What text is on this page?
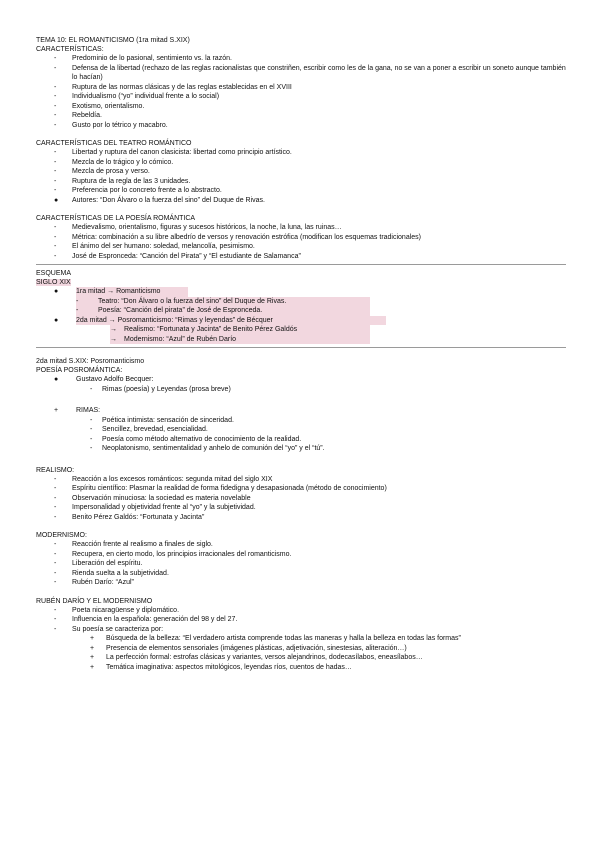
TEMA 10: EL ROMANTICISMO (1ra mitad S.XIX)
CARACTERÍSTICAS:
-	Predominio de lo pasional, sentimiento vs. la razón.
-	Defensa de la libertad (rechazo de las reglas racionalistas que constriñen, escribir como les de la gana, no se van a poner a escribir un soneto aunque también lo hacían)
-	Ruptura de las normas clásicas y de las reglas establecidas en el XVIII
-	Individualismo (“yo” individual frente a lo social)
-	Exotismo, orientalismo.
-	Rebeldía.
-	Gusto por lo tétrico y macabro.
CARACTERÍSTICAS DEL TEATRO ROMÁNTICO
-	Libertad y ruptura del canon clasicista: libertad como principio artístico.
-	Mezcla de lo trágico y lo cómico.
-	Mezcla de prosa y verso.
-	Ruptura de la regla de las 3 unidades.
-	Preferencia por lo concreto frente a lo abstracto.
●	Autores: “Don Álvaro o la fuerza del sino” del Duque de Rivas.
CARACTERÍSTICAS DE LA POESÍA ROMÁNTICA
-	Medievalismo, orientalismo, figuras y sucesos históricos, la noche, la luna, las ruinas…
-	Métrica: combinación a su libre albedrío de versos y renovación estrófica (modifican los esquemas tradicionales)
-	El ánimo del ser humano: soledad, melancolía, pesimismo.
-	José de Espronceda: “Canción del Pirata” y “El estudiante de Salamanca”
ESQUEMA
SIGLO XIX
●	1ra mitad → Romanticismo
-	Teatro: “Don Álvaro o la fuerza del sino” del Duque de Rivas.
-	Poesía: “Canción del pirata” de José de Espronceda.
●	2da mitad → Posromanticismo: “Rimas y leyendas” de Bécquer
→	Realismo: “Fortunata y Jacinta” de Benito Pérez Galdós
→	Modernismo: “Azul” de Rubén Darío
2da mitad S.XIX: Posromanticismo
POESÍA POSROMÁNTICA:
●	Gustavo Adolfo Becquer:
-	Rimas (poesía) y Leyendas (prosa breve)
+	RIMAS:
-	Poética intimista: sensación de sinceridad.
-	Sencillez, brevedad, esencialidad.
-	Poesía como método alternativo de conocimiento de la realidad.
-	Neoplatonismo, sentimentalidad y anhelo de comunión del “yo” y el “tú”.
REALISMO:
-	Reacción a los excesos románticos: segunda mitad del siglo XIX
-	Espíritu científico: Plasmar la realidad de forma fidedigna y desapasionada (método de conocimiento)
-	Observación minuciosa: la sociedad es materia novelable
-	Impersonalidad y objetividad frente al “yo” y la subjetividad.
-	Benito Pérez Galdós: “Fortunata y Jacinta”
MODERNISMO:
-	Reacción frente al realismo a finales de siglo.
-	Recupera, en cierto modo, los principios irracionales del romanticismo.
-	Liberación del espíritu.
-	Rienda suelta a la subjetividad.
-	Rubén Darío: “Azul”
RUBÉN DARÍO Y EL MODERNISMO
-	Poeta nicaragüense y diplomático.
-	Influencia en la española: generación del 98 y del 27.
-	Su poesía se caracteriza por:
+	Búsqueda de la belleza: “El verdadero artista comprende todas las maneras y halla la belleza en todas las formas”
+	Presencia de elementos sensoriales (imágenes plásticas, adjetivación, sinestesias, aliteración…)
+	La perfección formal: estrofas clásicas y variantes, versos alejandrinos, dodecasílabos, eneasílabos…
+	Temática imaginativa: aspectos mitológicos, leyendas ríos, cuentos de hadas…
